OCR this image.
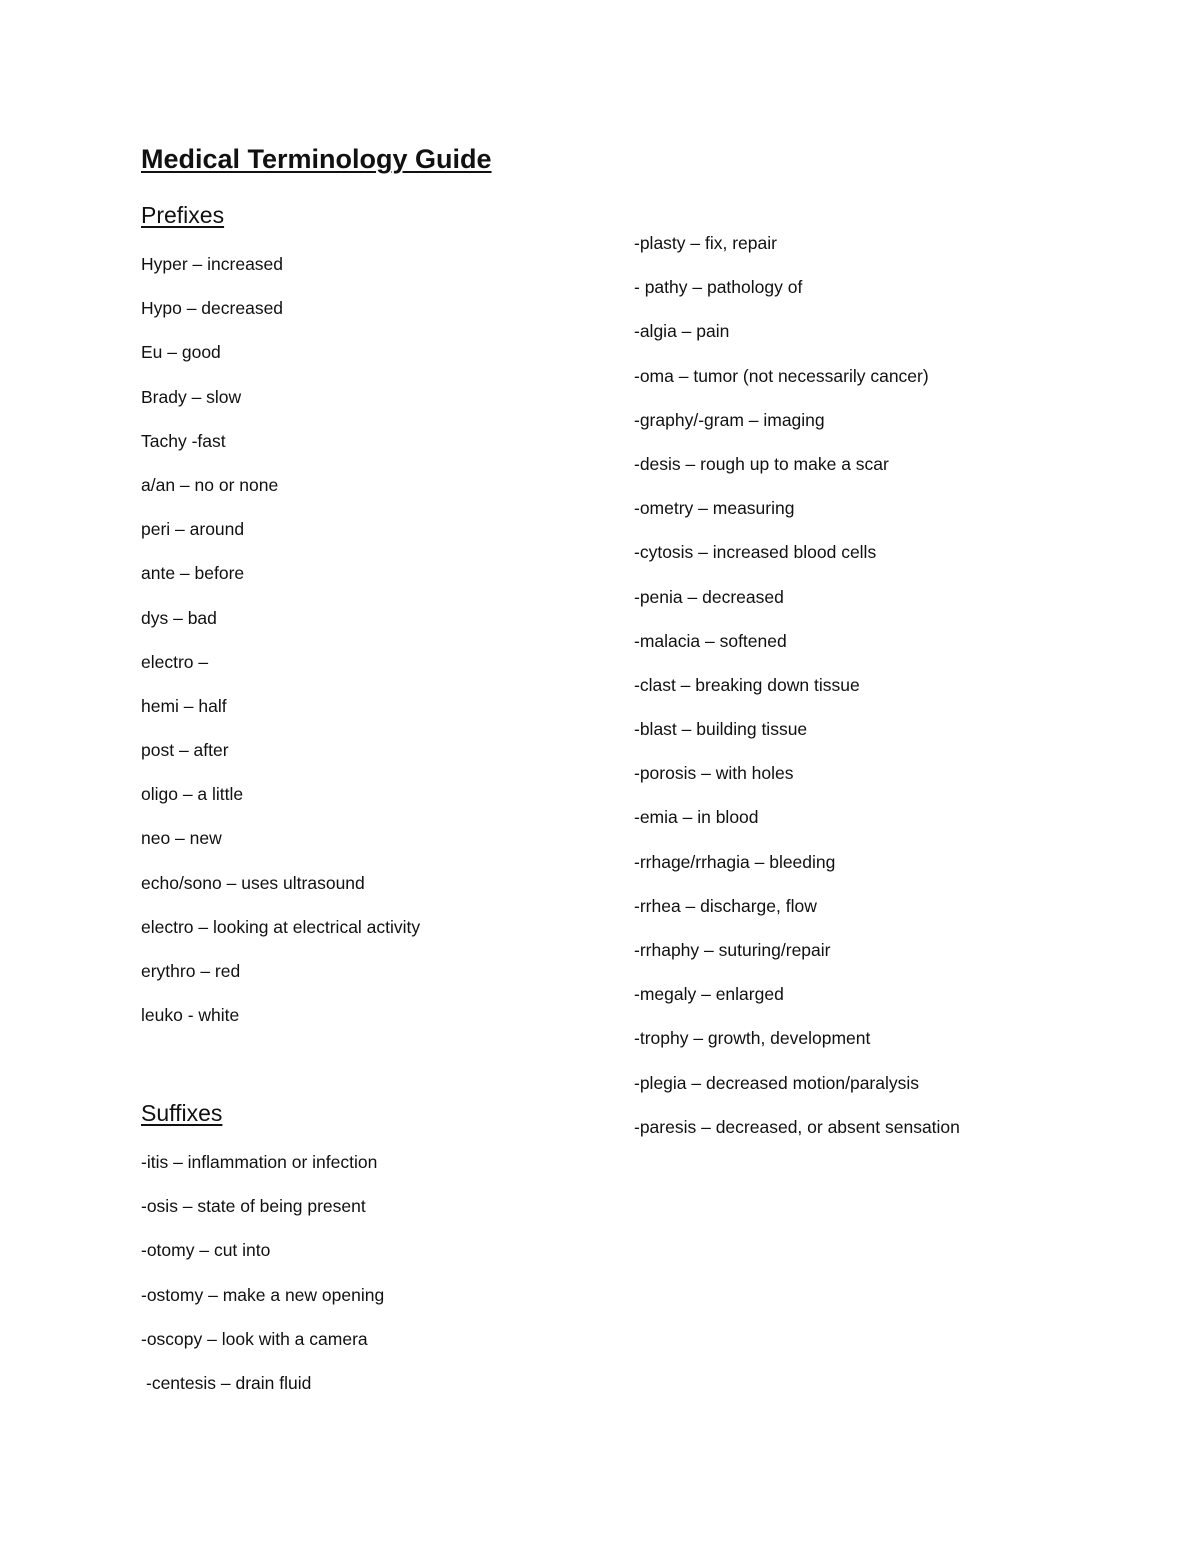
Medical Terminology Guide
Prefixes
Hyper – increased
Hypo – decreased
Eu – good
Brady – slow
Tachy -fast
a/an – no or none
peri – around
ante – before
dys – bad
electro –
hemi – half
post – after
oligo – a little
neo – new
echo/sono – uses ultrasound
electro – looking at electrical activity
erythro – red
leuko - white
Suffixes
-itis – inflammation or infection
-osis – state of being present
-otomy – cut into
-ostomy – make a new opening
-oscopy – look with a camera
-centesis – drain fluid
-plasty – fix, repair
- pathy – pathology of
-algia – pain
-oma – tumor (not necessarily cancer)
-graphy/-gram – imaging
-desis – rough up to make a scar
-ometry – measuring
-cytosis – increased blood cells
-penia – decreased
-malacia – softened
-clast – breaking down tissue
-blast – building tissue
-porosis – with holes
-emia – in blood
-rrhage/rrhagia – bleeding
-rrhea – discharge, flow
-rrhaphy – suturing/repair
-megaly – enlarged
-trophy – growth, development
-plegia – decreased motion/paralysis
-paresis – decreased, or absent sensation
